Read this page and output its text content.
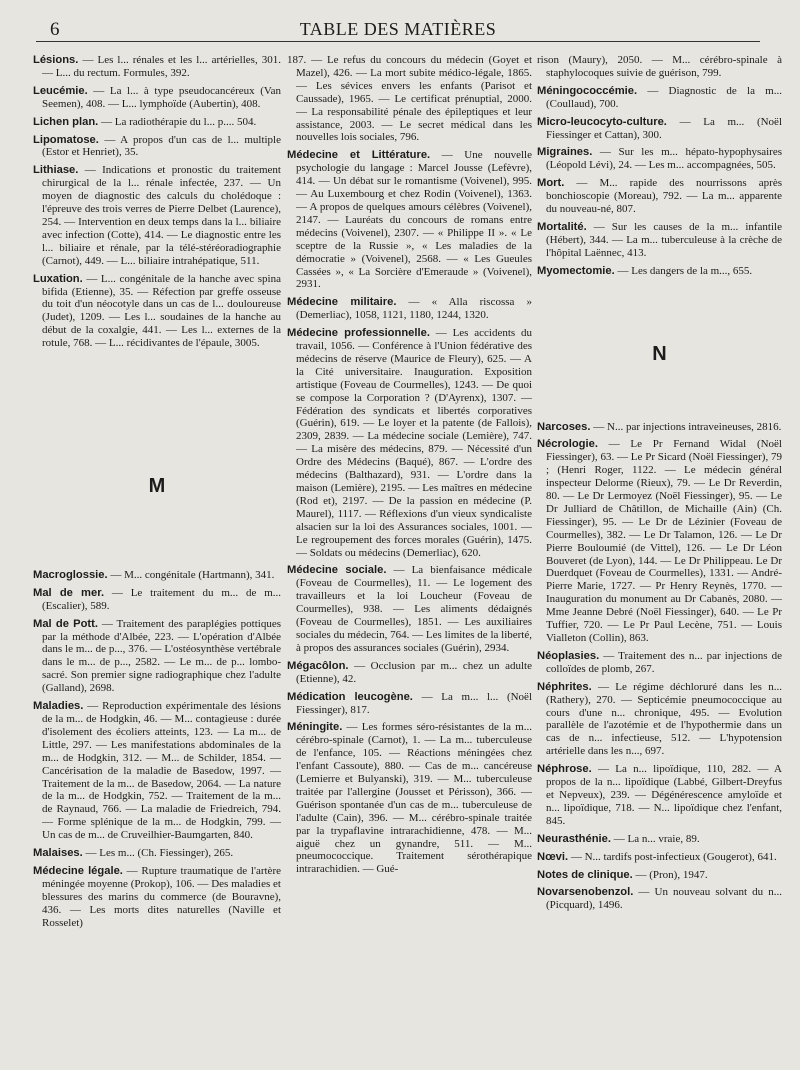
6	TABLE DES MATIÈRES

Lésions. — Les l... rénales et les l... artérielles, 301. — L... du rectum. Formules, 392.

Leucémie. — La l... à type pseudocancéreux (Van Seemen), 408. — L... lymphoïde (Aubertin), 408.

Lichen plan. — La radiothérapie du l... p.... 504.

Lipomatose. — A propos d'un cas de l... multiple (Estor et Henriet), 35.

Lithiase. — Indications et pronostic du traitement chirurgical de la l... rénale infectée, 237. — Un moyen de diagnostic des calculs du cholédoque : l'épreuve des trois verres de Pierre Delbet (Laurence), 254. — Intervention en deux temps dans la l... biliaire avec infection (Cotte), 414. — Le diagnostic entre les l... biliaire et rénale, par la télé-stéréoradiographie (Carnot), 449. — L... biliaire intrahépatique, 511.

Luxation. — L... congénitale de la hanche avec spina bifida (Etienne), 35. — Réfection par greffe osseuse du toit d'un néocotyle dans un cas de l... douloureuse (Judet), 1209. — Les l... soudaines de la hanche au début de la coxalgie, 441. — Les l... externes de la rotule, 768. — L... récidivantes de l'épaule, 3005.

M

Macroglossie. — M... congénitale (Hartmann), 341.

Mal de mer. — Le traitement du m... de m... (Escalier), 589.

Mal de Pott. — Traitement des paraplégies pottiques par la méthode d'Albée, 223. — L'opération d'Albée dans le m... de p..., 376. — L'ostéosynthèse vertébrale dans le m... de p..., 2582. — Le m... de p... lombo-sacré. Son premier signe radiographique chez l'adulte (Galland), 2698.

Maladies. — Reproduction expérimentale des lésions de la m... de Hodgkin, 46. — M... contagieuse : durée d'isolement des écoliers atteints, 123. — La m... de Little, 297. — Les manifestations abdominales de la m... de Hodgkin, 312. — M... de Schilder, 1854. — Cancérisation de la maladie de Basedow, 1997. — Traitement de la m... de Basedow, 2064. — La nature de la m... de Hodgkin, 752. — Traitement de la m... de Raynaud, 766. — La maladie de Friedreich, 794. — Forme splénique de la m... de Hodgkin, 799. — Un cas de m... de Cruveilhier-Baumgarten, 840.

Malaises. — Les m... (Ch. Fiessinger), 265.

Médecine légale. — Rupture traumatique de l'artère méningée moyenne (Prokop), 106. — Des maladies et blessures des marins du commerce (de Bouravne), 436. — Les morts dites naturelles (Naville et Rosselet)

187. — Le refus du concours du médecin (Goyet et Mazel), 426. — La mort subite médico-légale, 1865. — Les sévices envers les enfants (Parisot et Caussade), 1965. — Le certificat prénuptial, 2000. — La responsabilité pénale des épileptiques et leur assistance, 2003. — Le secret médical dans les nouvelles lois sociales, 796.

Médecine et Littérature. — Une nouvelle psychologie du langage : Marcel Jousse (Lefèvre), 414. — Un débat sur le romantisme (Voivenel), 995. — Au Luxembourg et chez Rodin (Voivenel), 1363. — A propos de quelques amours célèbres (Voivenel), 2147. — Lauréats du concours de romans entre médecins (Voivenel), 2307. — « Philippe II ». « Le sceptre de la Russie », « Les maladies de la démocratie » (Voivenel), 2568. — « Les Gueules Cassées », « La Sorcière d'Emeraude » (Voivenel), 2931.

Médecine militaire. — « Alla riscossa » (Demerliac), 1058, 1121, 1180, 1244, 1320.

Médecine professionnelle. — Les accidents du travail, 1056. — Conférence à l'Union fédérative des médecins de réserve (Maurice de Fleury), 625. — A la Cité universitaire. Inauguration. Exposition artistique (Foveau de Courmelles), 1243. — De quoi se compose la Corporation ? (D'Ayrenx), 1307. — Fédération des syndicats et libertés corporatives (Guérin), 619. — Le loyer et la patente (de Fallois), 2309, 2839. — La médecine sociale (Lemière), 747. — La misère des médecins, 879. — Nécessité d'un Ordre des Médecins (Baqué), 867. — L'ordre des médecins (Balthazard), 931. — L'ordre dans la maison (Lemière), 2195. — Les maîtres en médecine (Rod et), 2197. — De la passion en médecine (P. Maurel), 1117. — Réflexions d'un vieux syndicaliste alsacien sur la loi des Assurances sociales, 1001. — Le regroupement des forces morales (Guérin), 1475. — Soldats ou médecins (Demerliac), 620.

Médecine sociale. — La bienfaisance médicale (Foveau de Courmelles), 11. — Le logement des travailleurs et la loi Loucheur (Foveau de Courmelles), 938. — Les aliments dédaignés (Foveau de Courmelles), 1851. — Les auxiliaires sociales du médecin, 764. — Les limites de la liberté, à propos des assurances sociales (Guérin), 2934.

Mégacôlon. — Occlusion par m... chez un adulte (Etienne), 42.

Médication leucogène. — La m... l... (Noël Fiessinger), 817.

Méningite. — Les formes séro-résistantes de la m... cérébro-spinale (Carnot), 1. — La m... tuberculeuse de l'enfance, 105. — Réactions méningées chez l'enfant Cassoute), 880. — Cas de m... cancéreuse (Lemierre et Bulyanski), 319. — M... tuberculeuse traitée par l'allergine (Jousset et Périsson), 366. — Guérison spontanée d'un cas de m... tuberculeuse de l'adulte (Cain), 396. — M... cérébro-spinale traitée par la trypaflavine intrarachidienne, 478. — M... aiguë chez un gynandre, 511. — M... pneumococcique. Traitement sérothérapique intrarachidien. — Gué-

rison (Maury), 2050. — M... cérébro-spinale à staphylocoques suivie de guérison, 799.

Méningococcémie. — Diagnostic de la m... (Coullaud), 700.

Micro-leucocyto-culture. — La m... (Noël Fiessinger et Cattan), 300.

Migraines. — Sur les m... hépato-hypophysaires (Léopold Lévi), 24. — Les m... accompagnées, 505.

Mort. — M... rapide des nourrissons après bonchioscopie (Moreau), 792. — La m... apparente du nouveau-né, 807.

Mortalité. — Sur les causes de la m... infantile (Hébert), 344. — La m... tuberculeuse à la crèche de l'hôpital Laënnec, 413.

Myomectomie. — Les dangers de la m..., 655.

N

Narcoses. — N... par injections intraveineuses, 2816.

Nécrologie. — Le Pr Fernand Widal (Noël Fiessinger), 63. — Le Pr Sicard (Noël Fiessinger), 79 ; (Henri Roger, 1122. — Le médecin général inspecteur Delorme (Rieux), 79. — Le Dr Reverdin, 80. — Le Dr Lermoyez (Noël Fiessinger), 95. — Le Dr Julliard de Châtillon, de Michaille (Ain) (Ch. Fiessinger), 95. — Le Dr de Lézinier (Foveau de Courmelles), 382. — Le Dr Talamon, 126. — Le Dr Pierre Bouloumié (de Vittel), 126. — Le Dr Léon Bouveret (de Lyon), 144. — Le Dr Philippeau. Le Dr Duerdquet (Foveau de Courmelles), 1331. — André-Pierre Marie, 1727. — Pr Henry Reynès, 1770. — Inauguration du monument au Dr Cabanès, 2080. — Mme Jeanne Debré (Noël Fiessinger), 640. — Le Pr Tuffier, 720. — Le Pr Paul Lecène, 751. — Louis Vialleton (Collin), 863.

Néoplasies. — Traitement des n... par injections de colloïdes de plomb, 267.

Néphrites. — Le régime déchloruré dans les n... (Rathery), 270. — Septicémie pneumococcique au cours d'une n... chronique, 495. — Evolution parallèle de l'azotémie et de l'hypothermie dans un cas de n... infectieuse, 512. — L'hypotension artérielle dans les n..., 697.

Néphrose. — La n... lipoïdique, 110, 282. — A propos de la n... lipoïdique (Labbé, Gilbert-Dreyfus et Nepveux), 239. — Dégénérescence amyloïde et n... lipoïdique, 718. — N... lipoïdique chez l'enfant, 845.

Neurasthénie. — La n... vraie, 89.

Nœvi. — N... tardifs post-infectieux (Gougerot), 641.

Notes de clinique. — (Pron), 1947.

Novarsenobenzol. — Un nouveau solvant du n... (Picquard), 1496.
